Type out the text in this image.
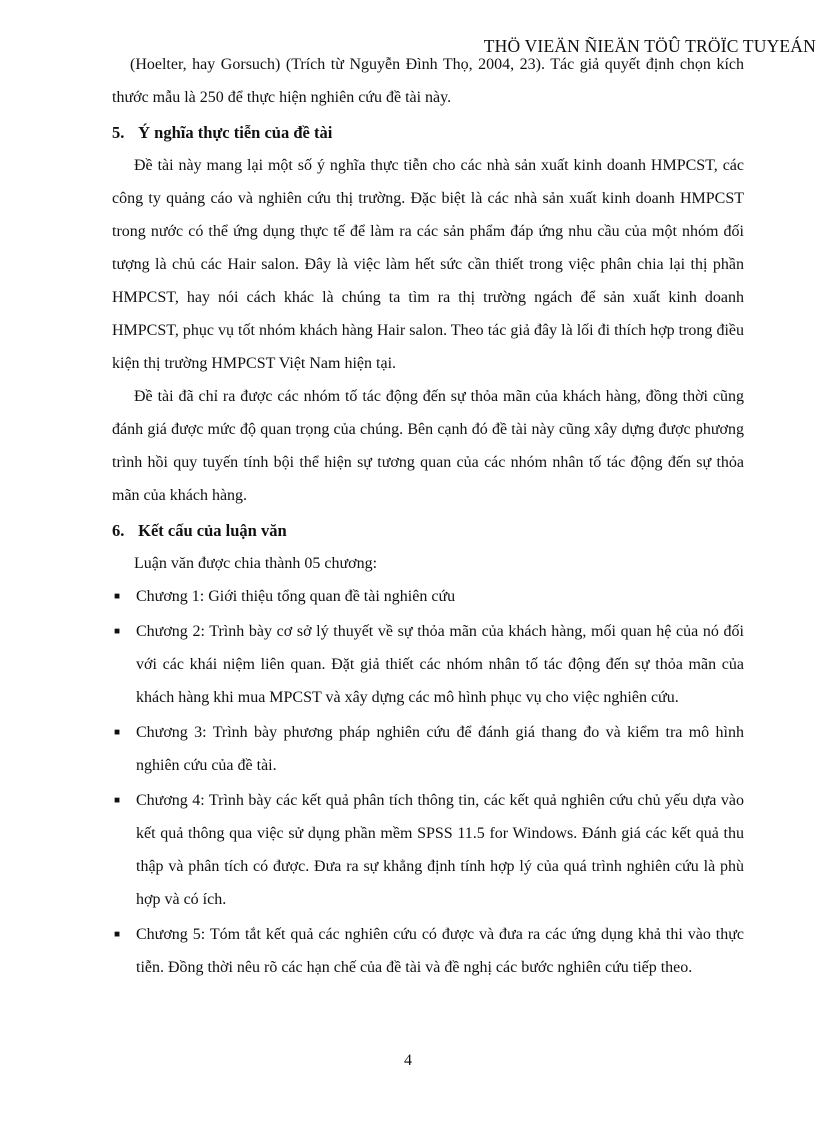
THÖ VIEÄN ÑIEÄN TÖÛ TRÖÏC TUYEÁN

(Hoelter, hay Gorsuch) (Trích từ Nguyễn Đình Thọ, 2004, 23). Tác giả quyết định chọn kích thước mẫu là 250 để thực hiện nghiên cứu đề tài này.

5. Ý nghĩa thực tiễn của đề tài

Đề tài này mang lại một số ý nghĩa thực tiễn cho các nhà sản xuất kinh doanh HMPCST, các công ty quảng cáo và nghiên cứu thị trường. Đặc biệt là các nhà sản xuất kinh doanh HMPCST trong nước có thể ứng dụng thực tế để làm ra các sản phẩm đáp ứng nhu cầu của một nhóm đối tượng là chủ các Hair salon. Đây là việc làm hết sức cần thiết trong việc phân chia lại thị phần HMPCST, hay nói cách khác là chúng ta tìm ra thị trường ngách để sản xuất kinh doanh HMPCST, phục vụ tốt nhóm khách hàng Hair salon. Theo tác giả đây là lối đi thích hợp trong điều kiện thị trường HMPCST Việt Nam hiện tại.

Đề tài đã chỉ ra được các nhóm tố tác động đến sự thỏa mãn của khách hàng, đồng thời cũng đánh giá được mức độ quan trọng của chúng. Bên cạnh đó đề tài này cũng xây dựng được phương trình hồi quy tuyến tính bội thể hiện sự tương quan của các nhóm nhân tố tác động đến sự thỏa mãn của khách hàng.

6. Kết cấu của luận văn

Luận văn được chia thành 05 chương:

■ Chương 1: Giới thiệu tổng quan đề tài nghiên cứu
■ Chương 2: Trình bày cơ sở lý thuyết về sự thỏa mãn của khách hàng, mối quan hệ của nó đối với các khái niệm liên quan. Đặt giả thiết các nhóm nhân tố tác động đến sự thỏa mãn của khách hàng khi mua MPCST và xây dựng các mô hình phục vụ cho việc nghiên cứu.
■ Chương 3: Trình bày phương pháp nghiên cứu để đánh giá thang đo và kiểm tra mô hình nghiên cứu của đề tài.
■ Chương 4: Trình bày các kết quả phân tích thông tin, các kết quả nghiên cứu chủ yếu dựa vào kết quả thông qua việc sử dụng phần mềm SPSS 11.5 for Windows. Đánh giá các kết quả thu thập và phân tích có được. Đưa ra sự khẳng định tính hợp lý của quá trình nghiên cứu là phù hợp và có ích.
■ Chương 5: Tóm tắt kết quả các nghiên cứu có được và đưa ra các ứng dụng khả thi vào thực tiễn. Đồng thời nêu rõ các hạn chế của đề tài và đề nghị các bước nghiên cứu tiếp theo.
4
